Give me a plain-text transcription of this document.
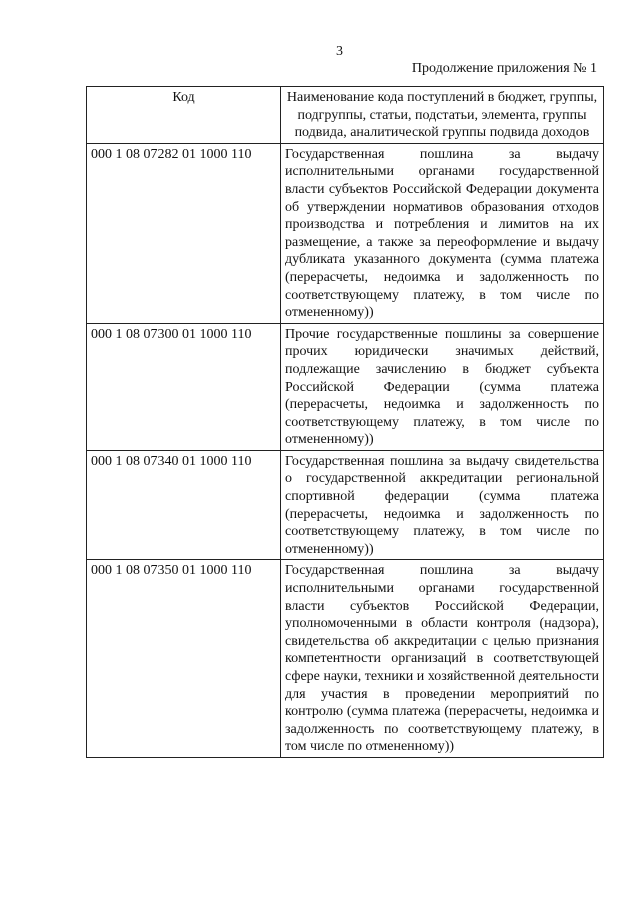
3
Продолжение приложения № 1
Код	Наименование кода поступлений в бюджет, группы, подгруппы, статьи, подстатьи, элемента, группы подвида, аналитической группы подвида доходов
000 1 08 07282 01 1000 110	Государственная пошлина за выдачу исполнительными органами государственной власти субъектов Российской Федерации документа об утверждении нормативов образования отходов производства и потребления и лимитов на их размещение, а также за переоформление и выдачу дубликата указанного документа (сумма платежа (перерасчеты, недоимка и задолженность по соответствующему платежу, в том числе по отмененному))
000 1 08 07300 01 1000 110	Прочие государственные пошлины за совершение прочих юридически значимых действий, подлежащие зачислению в бюджет субъекта Российской Федерации (сумма платежа (перерасчеты, недоимка и задолженность по соответствующему платежу, в том числе по отмененному))
000 1 08 07340 01 1000 110	Государственная пошлина за выдачу свидетельства о государственной аккредитации региональной спортивной федерации (сумма платежа (перерасчеты, недоимка и задолженность по соответствующему платежу, в том числе по отмененному))
000 1 08 07350 01 1000 110	Государственная пошлина за выдачу исполнительными органами государственной власти субъектов Российской Федерации, уполномоченными в области контроля (надзора), свидетельства об аккредитации с целью признания компетентности организаций в соответствующей сфере науки, техники и хозяйственной деятельности для участия в проведении мероприятий по контролю (сумма платежа (перерасчеты, недоимка и задолженность по соответствующему платежу, в том числе по отмененному))
